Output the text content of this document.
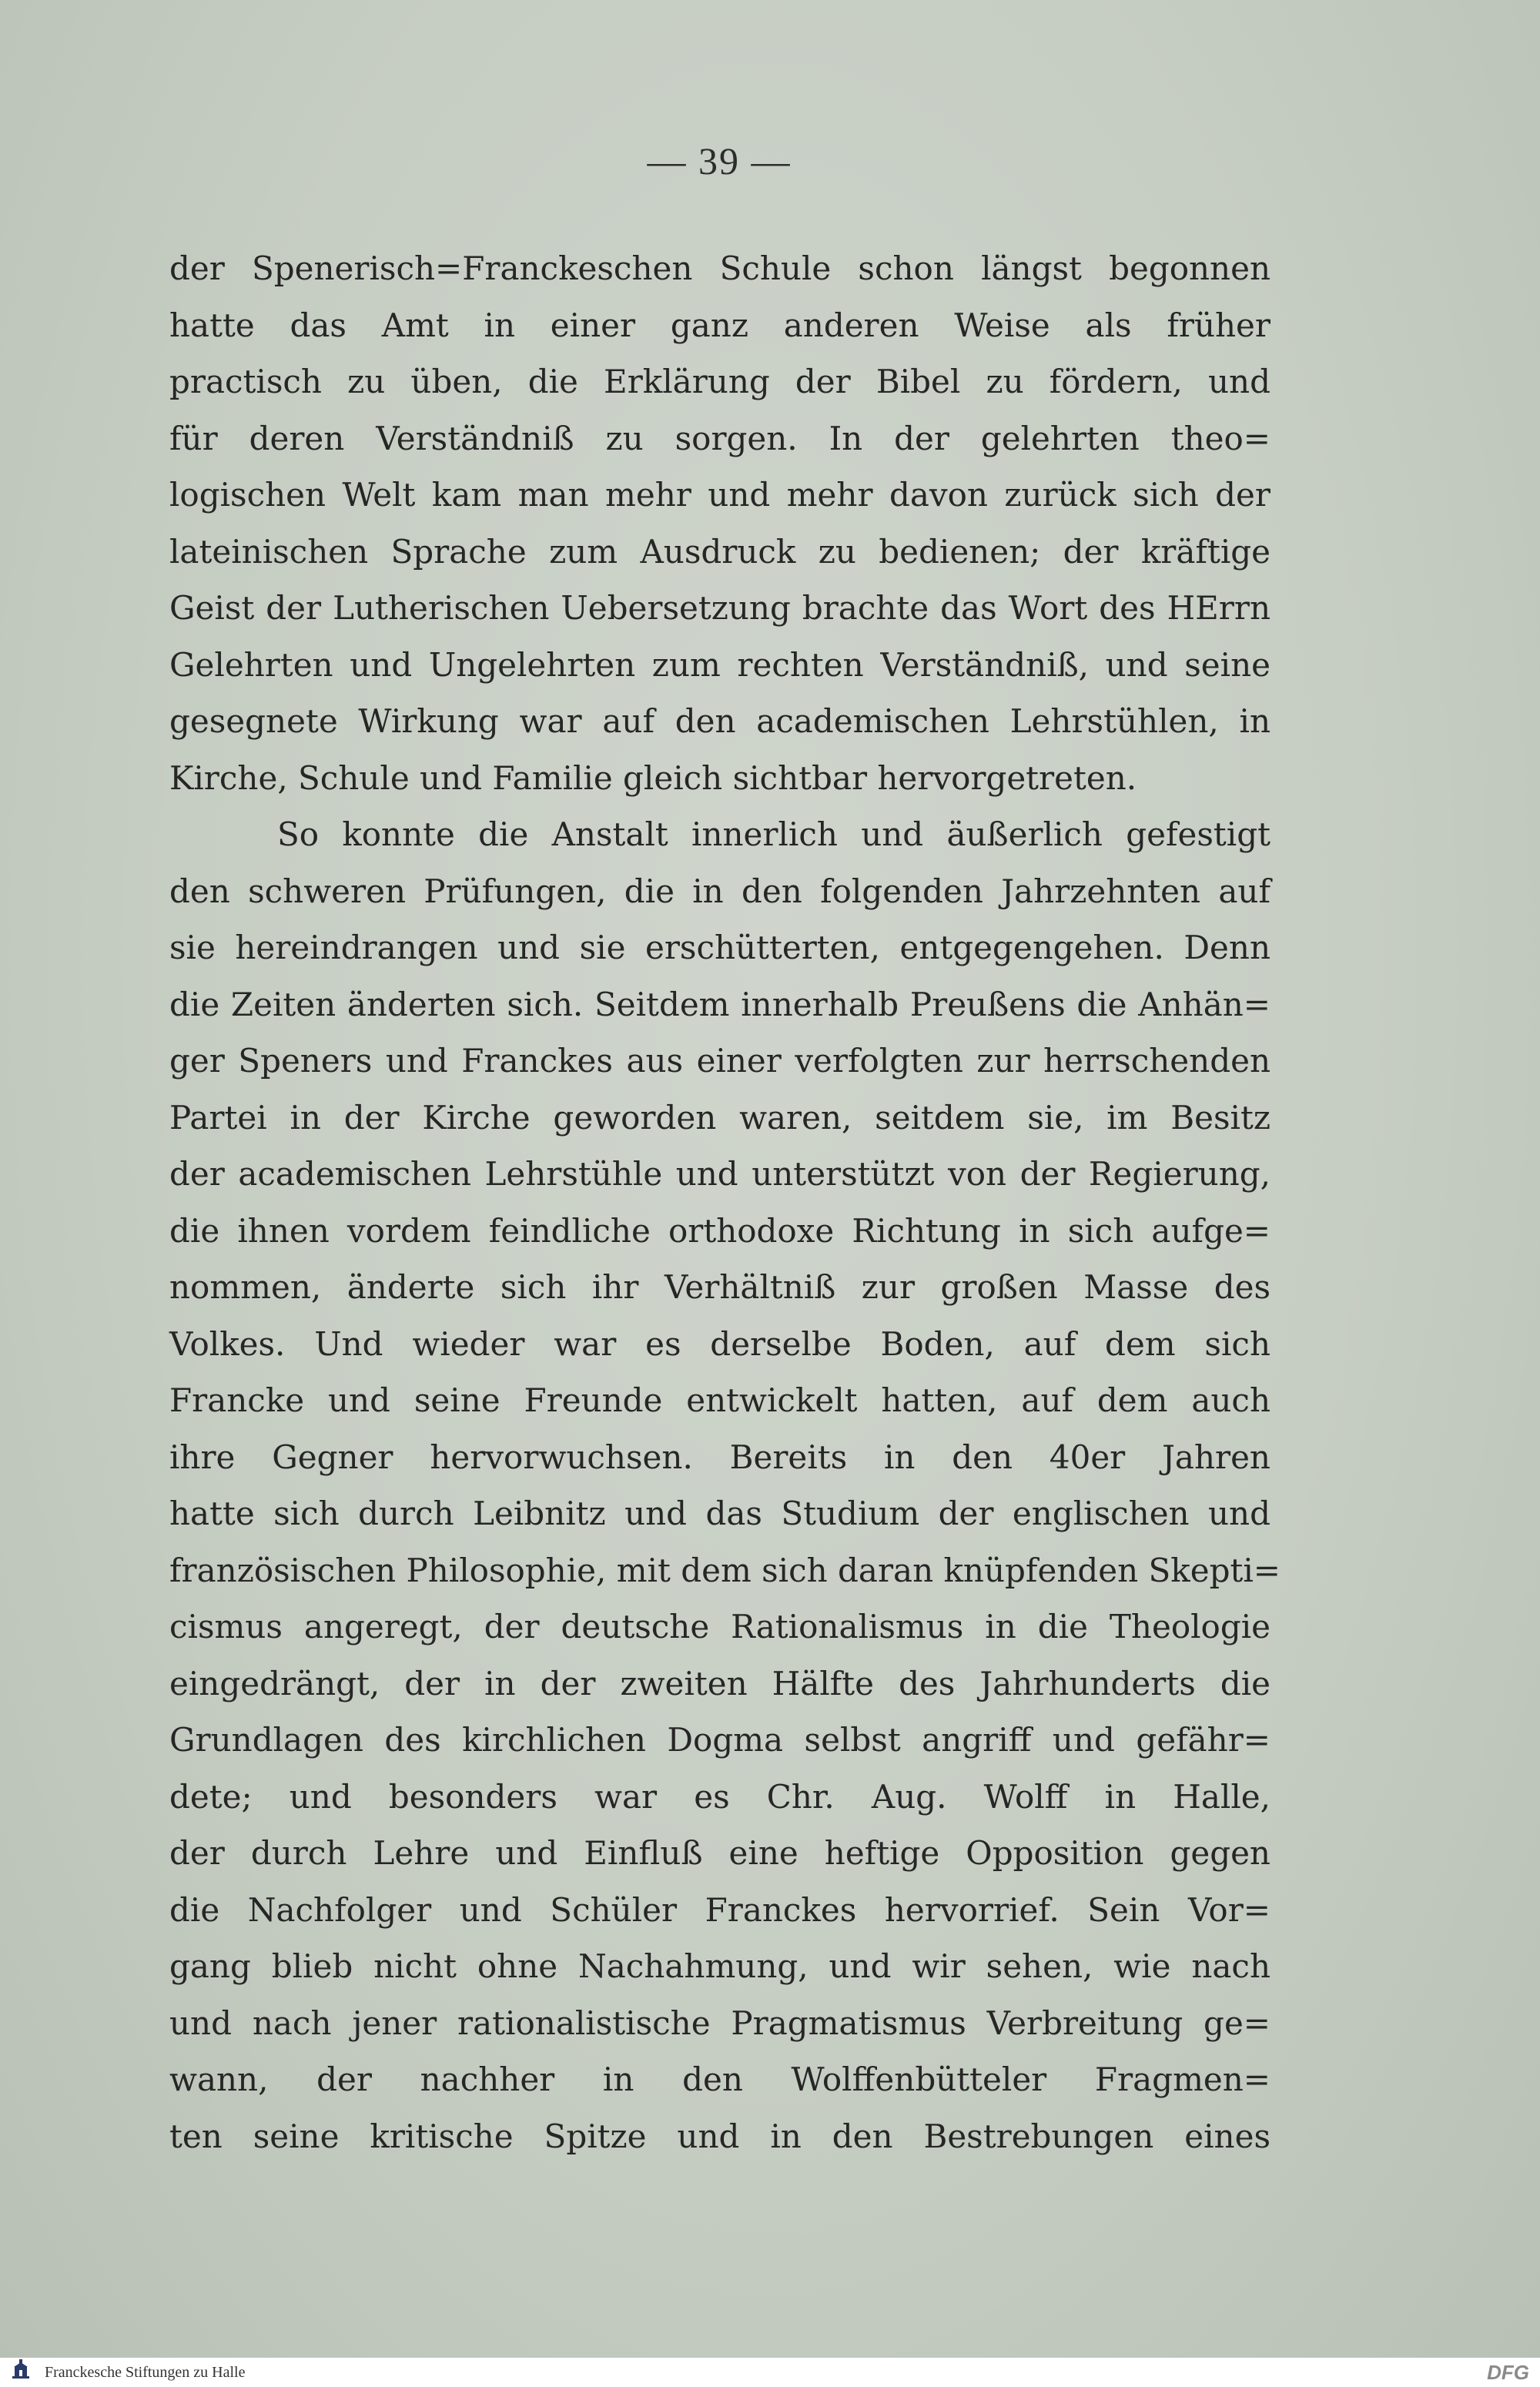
— 39 —
der Spenerisch=Franckeschen Schule schon längst begonnen
hatte das Amt in einer ganz anderen Weise als früher
practisch zu üben, die Erklärung der Bibel zu fördern, und
für deren Verständniß zu sorgen. In der gelehrten theo=
logischen Welt kam man mehr und mehr davon zurück sich der
lateinischen Sprache zum Ausdruck zu bedienen; der kräftige
Geist der Lutherischen Uebersetzung brachte das Wort des HErrn
Gelehrten und Ungelehrten zum rechten Verständniß, und seine
gesegnete Wirkung war auf den academischen Lehrstühlen, in
Kirche, Schule und Familie gleich sichtbar hervorgetreten.
So konnte die Anstalt innerlich und äußerlich gefestigt
den schweren Prüfungen, die in den folgenden Jahrzehnten auf
sie hereindrangen und sie erschütterten, entgegengehen. Denn
die Zeiten änderten sich. Seitdem innerhalb Preußens die Anhän=
ger Speners und Franckes aus einer verfolgten zur herrschenden
Partei in der Kirche geworden waren, seitdem sie, im Besitz
der academischen Lehrstühle und unterstützt von der Regierung,
die ihnen vordem feindliche orthodoxe Richtung in sich aufge=
nommen, änderte sich ihr Verhältniß zur großen Masse des
Volkes. Und wieder war es derselbe Boden, auf dem sich
Francke und seine Freunde entwickelt hatten, auf dem auch
ihre Gegner hervorwuchsen. Bereits in den 40er Jahren
hatte sich durch Leibnitz und das Studium der englischen und
französischen Philosophie, mit dem sich daran knüpfenden Skepti=
cismus angeregt, der deutsche Rationalismus in die Theologie
eingedrängt, der in der zweiten Hälfte des Jahrhunderts die
Grundlagen des kirchlichen Dogma selbst angriff und gefähr=
dete; und besonders war es Chr. Aug. Wolff in Halle,
der durch Lehre und Einfluß eine heftige Opposition gegen
die Nachfolger und Schüler Franckes hervorrief. Sein Vor=
gang blieb nicht ohne Nachahmung, und wir sehen, wie nach
und nach jener rationalistische Pragmatismus Verbreitung ge=
wann, der nachher in den Wolffenbütteler Fragmen=
ten seine kritische Spitze und in den Bestrebungen eines
Franckesche Stiftungen zu Halle	DFG
